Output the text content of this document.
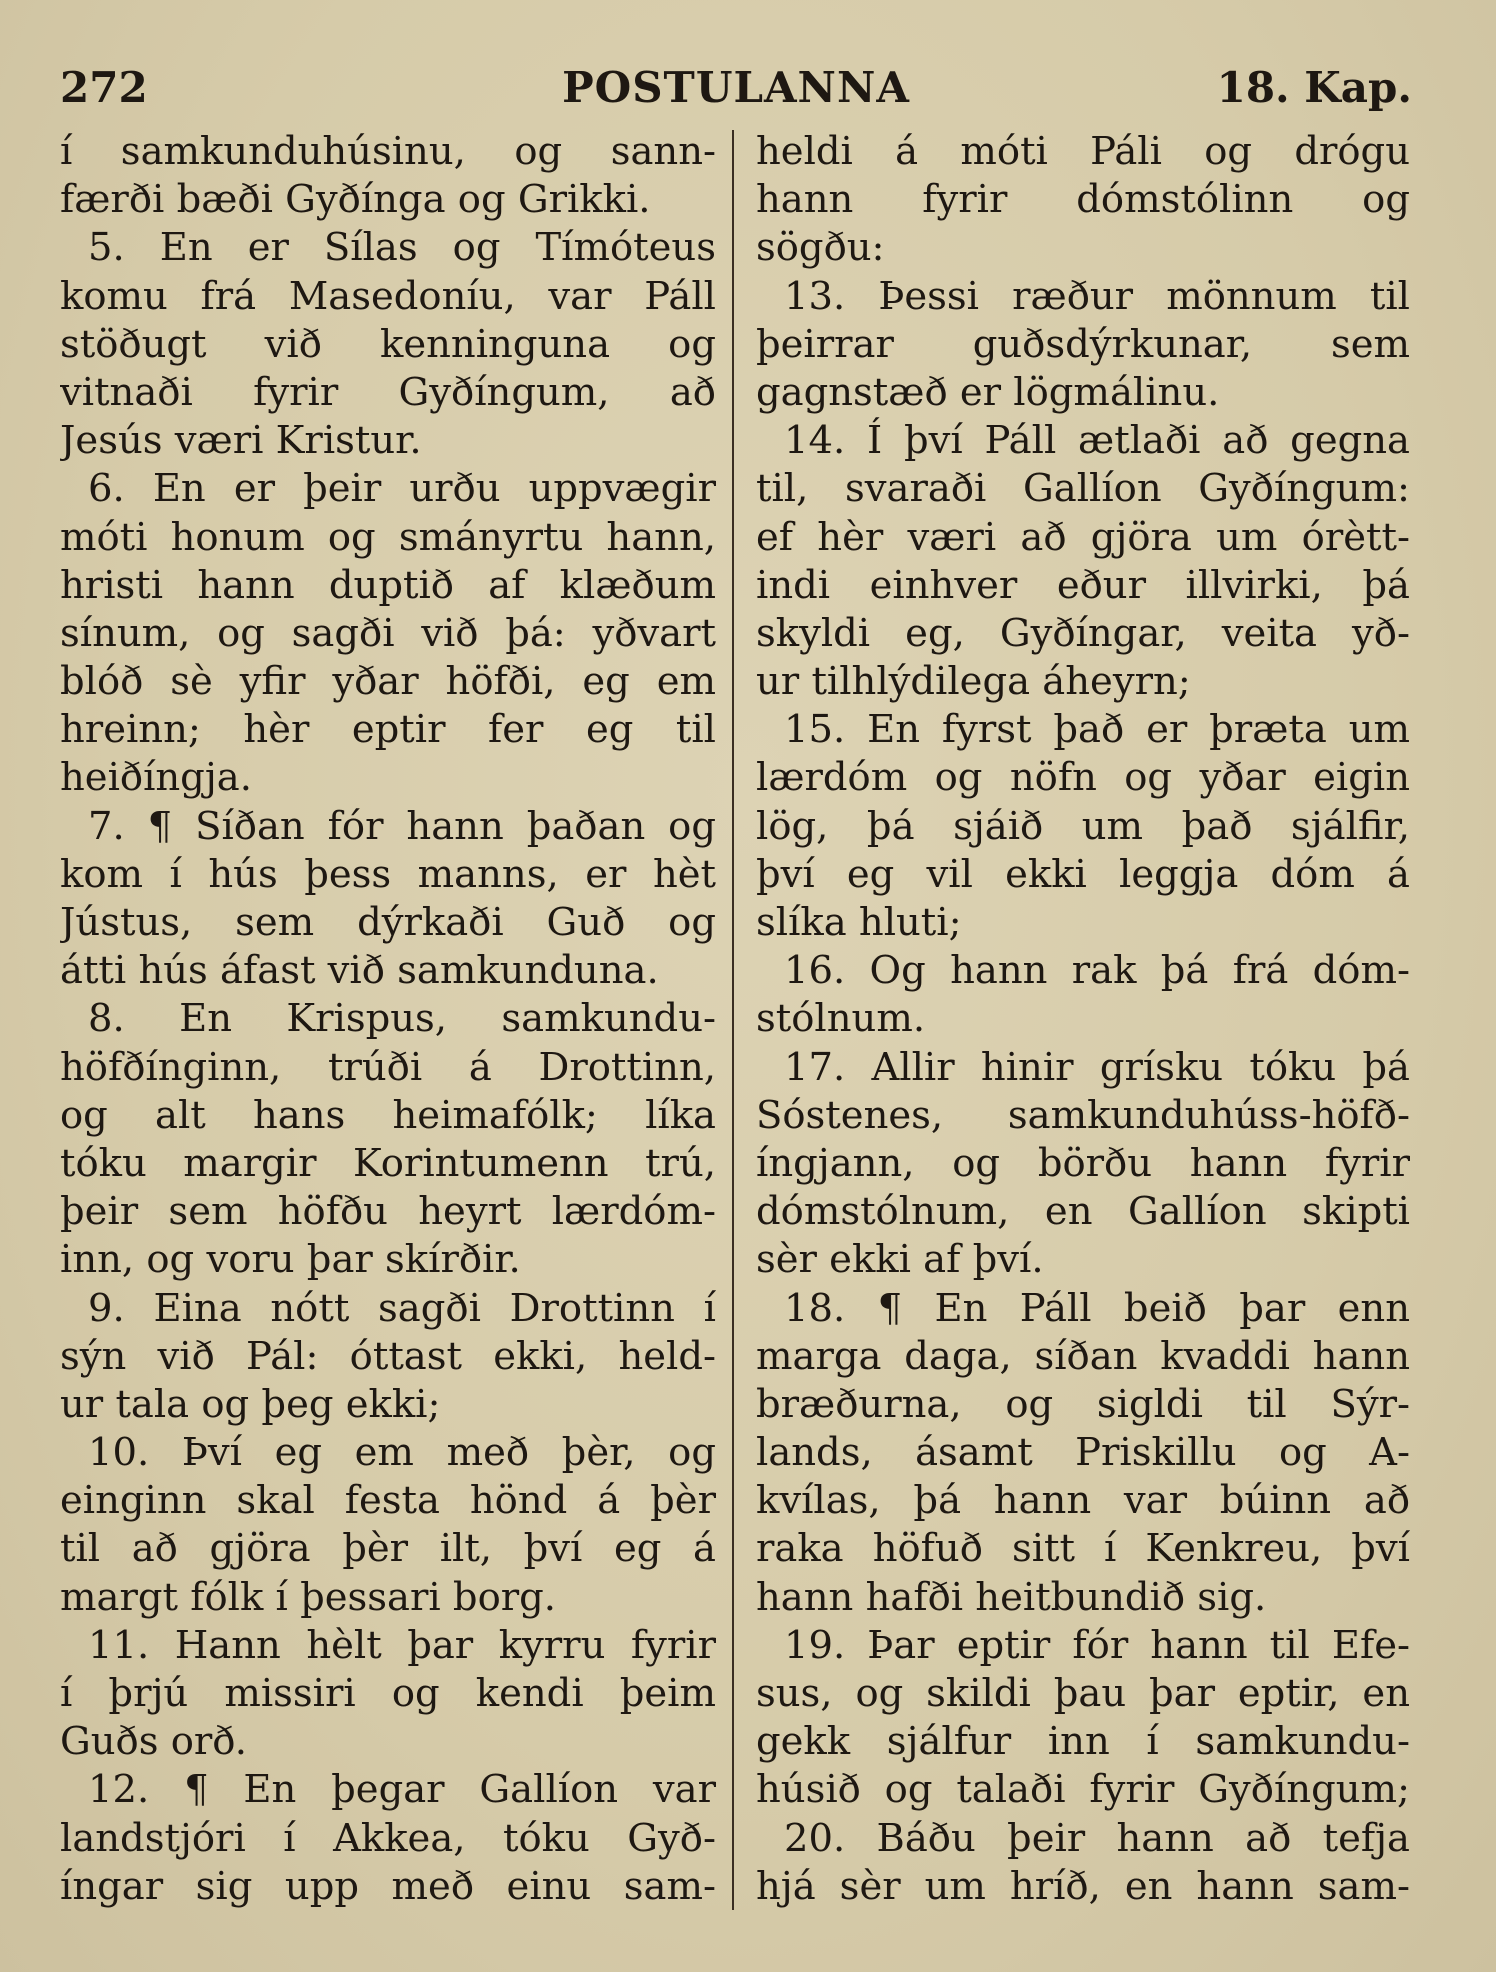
272	POSTULANNA	18. Kap.
í samkunduhúsinu, og sann-
færði bæði Gyðínga og Grikki.
5. En er Sílas og Tímóteus
komu frá Masedoníu, var Páll
stöðugt við kenninguna og
vitnaði fyrir Gyðíngum, að
Jesús væri Kristur.
6. En er þeir urðu uppvægir
móti honum og smányrtu hann,
hristi hann duptið af klæðum
sínum, og sagði við þá: yðvart
blóð sè yfir yðar höfði, eg em
hreinn; hèr eptir fer eg til
heiðíngja.
7. ¶ Síðan fór hann þaðan og
kom í hús þess manns, er hèt
Jústus, sem dýrkaði Guð og
átti hús áfast við samkunduna.
8. En Krispus, samkundu-
höfðínginn, trúði á Drottinn,
og alt hans heimafólk; líka
tóku margir Korintumenn trú,
þeir sem höfðu heyrt lærdóm-
inn, og voru þar skírðir.
9. Eina nótt sagði Drottinn í
sýn við Pál: óttast ekki, held-
ur tala og þeg ekki;
10. Því eg em með þèr, og
einginn skal festa hönd á þèr
til að gjöra þèr ilt, því eg á
margt fólk í þessari borg.
11. Hann hèlt þar kyrru fyrir
í þrjú missiri og kendi þeim
Guðs orð.
12. ¶ En þegar Gallíon var
landstjóri í Akkea, tóku Gyð-
íngar sig upp með einu sam-
heldi á móti Páli og drógu
hann fyrir dómstólinn og
sögðu:
13. Þessi ræður mönnum til
þeirrar guðsdýrkunar, sem
gagnstæð er lögmálinu.
14. Í því Páll ætlaði að gegna
til, svaraði Gallíon Gyðíngum:
ef hèr væri að gjöra um órètt-
indi einhver eður illvirki, þá
skyldi eg, Gyðíngar, veita yð-
ur tilhlýdilega áheyrn;
15. En fyrst það er þræta um
lærdóm og nöfn og yðar eigin
lög, þá sjáið um það sjálfir,
því eg vil ekki leggja dóm á
slíka hluti;
16. Og hann rak þá frá dóm-
stólnum.
17. Allir hinir grísku tóku þá
Sóstenes, samkunduhúss-höfð-
íngjann, og börðu hann fyrir
dómstólnum, en Gallíon skipti
sèr ekki af því.
18. ¶ En Páll beið þar enn
marga daga, síðan kvaddi hann
bræðurna, og sigldi til Sýr-
lands, ásamt Priskillu og A-
kvílas, þá hann var búinn að
raka höfuð sitt í Kenkreu, því
hann hafði heitbundið sig.
19. Þar eptir fór hann til Efe-
sus, og skildi þau þar eptir, en
gekk sjálfur inn í samkundu-
húsið og talaði fyrir Gyðíngum;
20. Báðu þeir hann að tefja
hjá sèr um hríð, en hann sam-
